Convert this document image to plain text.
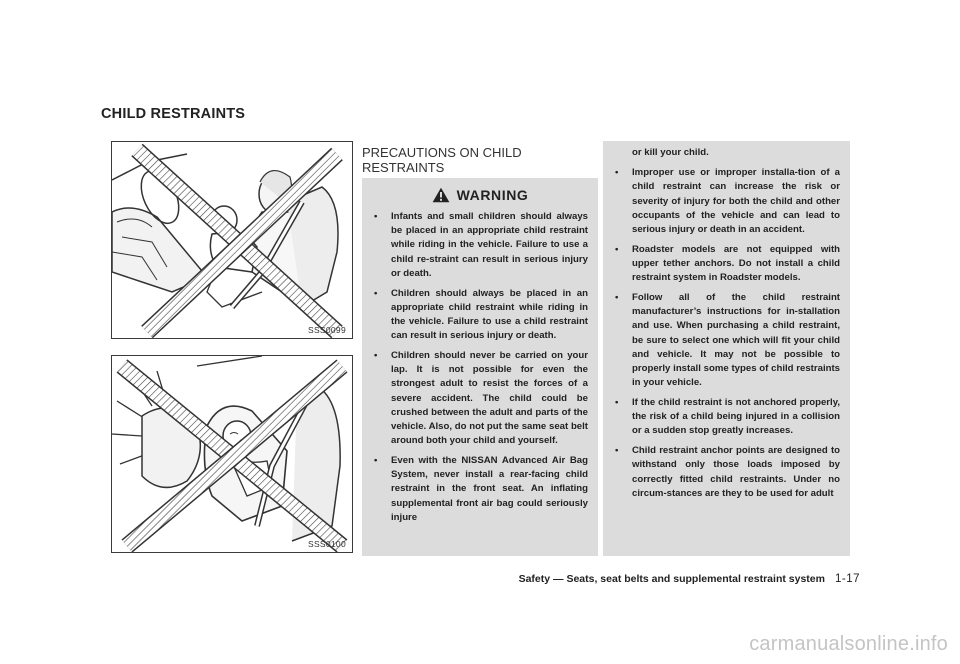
CHILD RESTRAINTS
SSS0099
SSS0100
PRECAUTIONS ON CHILD RESTRAINTS
WARNING
• Infants and small children should always be placed in an appropriate child restraint while riding in the vehicle. Failure to use a child re-straint can result in serious injury or death.
• Children should always be placed in an appropriate child restraint while riding in the vehicle. Failure to use a child restraint can result in serious injury or death.
• Children should never be carried on your lap. It is not possible for even the strongest adult to resist the forces of a severe accident. The child could be crushed between the adult and parts of the vehicle. Also, do not put the same seat belt around both your child and yourself.
• Even with the NISSAN Advanced Air Bag System, never install a rear-facing child restraint in the front seat. An inflating supplemental front air bag could seriously injure
or kill your child.
• Improper use or improper installa-tion of a child restraint can increase the risk or severity of injury for both the child and other occupants of the vehicle and can lead to serious injury or death in an accident.
• Roadster models are not equipped with upper tether anchors. Do not install a child restraint system in Roadster models.
• Follow all of the child restraint manufacturer’s instructions for in-stallation and use. When purchasing a child restraint, be sure to select one which will fit your child and vehicle. It may not be possible to properly install some types of child restraints in your vehicle.
• If the child restraint is not anchored properly, the risk of a child being injured in a collision or a sudden stop greatly increases.
• Child restraint anchor points are designed to withstand only those loads imposed by correctly fitted child restraints. Under no circum-stances are they to be used for adult
Safety — Seats, seat belts and supplemental restraint system 1-17
carmanualsonline.info
